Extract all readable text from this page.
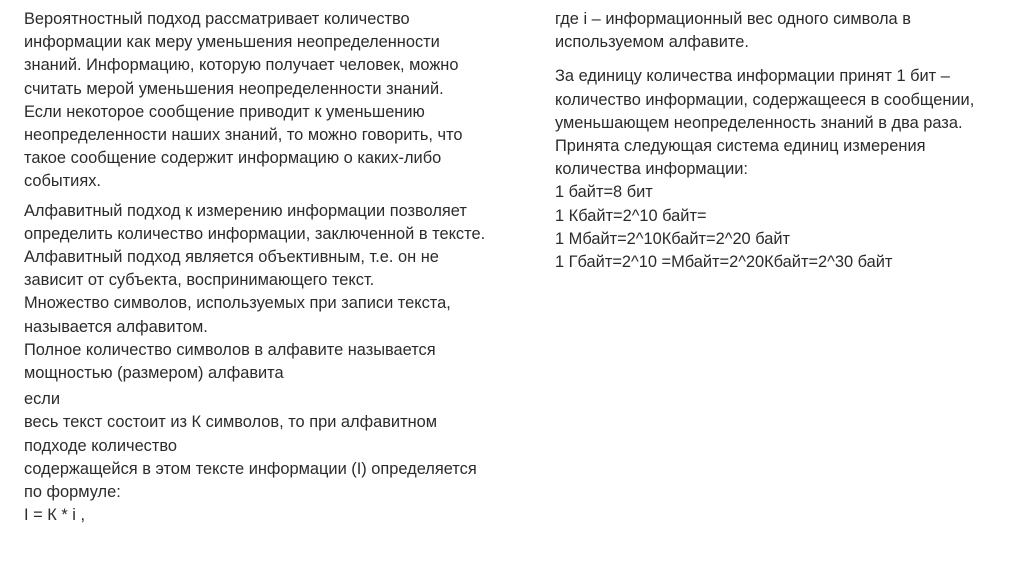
Вероятностный подход рассматривает количество
информации как меру уменьшения неопределенности
знаний. Информацию, которую получает человек, можно
считать мерой уменьшения неопределенности знаний.
Если некоторое сообщение приводит к уменьшению
неопределенности наших знаний, то можно говорить, что
такое сообщение содержит информацию о каких-либо
событиях.
Алфавитный подход к измерению информации позволяет
определить количество информации, заключенной в тексте.
Алфавитный подход является объективным, т.е. он не
зависит от субъекта, воспринимающего текст.
Множество символов, используемых при записи текста,
называется алфавитом.
Полное количество символов в алфавите называется
мощностью (размером) алфавита
если
весь текст состоит из К символов, то при алфавитном
подходе количество
содержащейся в этом тексте информации (I) определяется
по формуле:
I = К * i ,
где i – информационный вес одного символа в
используемом алфавите.
За единицу количества информации принят 1 бит –
количество информации, содержащееся в сообщении,
уменьшающем неопределенность знаний в два раза.
Принята следующая система единиц измерения
количества информации:
1 байт=8 бит
1 Кбайт=2^10 байт=
1 Мбайт=2^10Кбайт=2^20 байт
1 Гбайт=2^10 =Мбайт=2^20Кбайт=2^30 байт
